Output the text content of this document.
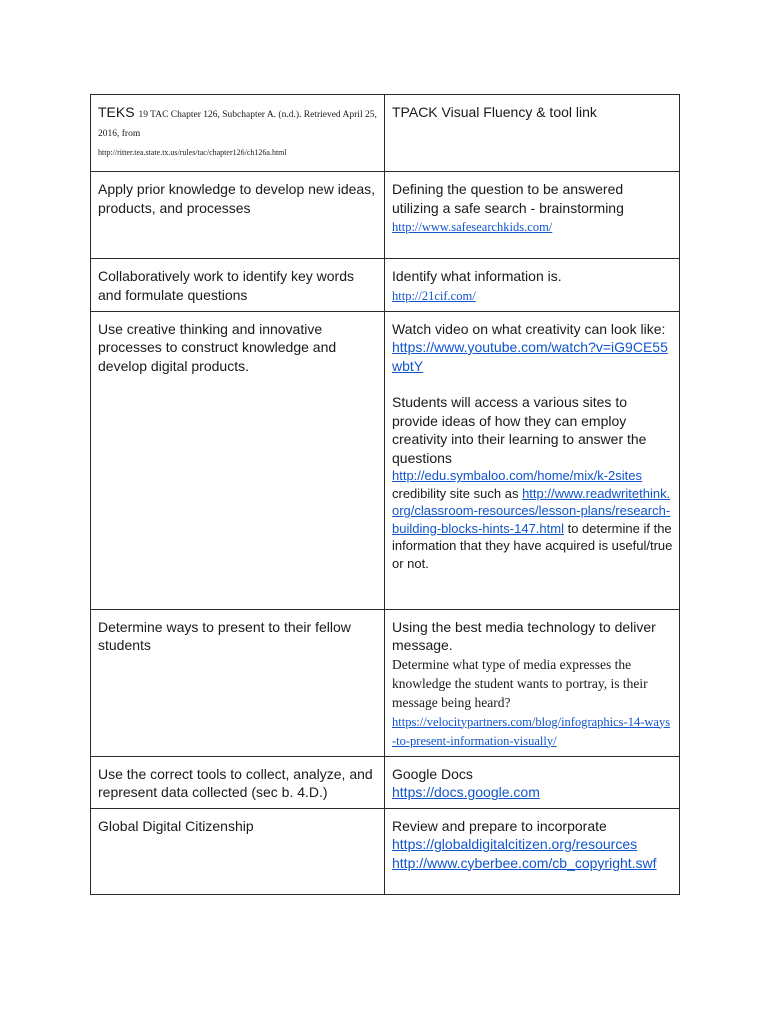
TEKS 19 TAC Chapter 126, Subchapter A. (n.d.). Retrieved April 25, 2016, from
http://ritter.tea.state.tx.us/rules/tac/chapter126/ch126a.html	TPACK Visual Fluency & tool link
Apply prior knowledge to develop new ideas, products, and processes	Defining the question to be answered utilizing a safe search - brainstorming
http://www.safesearchkids.com/
Collaboratively work to identify key words and formulate questions	Identify what information is.
http://21cif.com/
Use creative thinking and innovative processes to construct knowledge and develop digital products.	Watch video on what creativity can look like:
https://www.youtube.com/watch?v=iG9CE55wbtY
Students will access a various sites to provide ideas of how they can employ creativity into their learning to answer the questions
http://edu.symbaloo.com/home/mix/k-2sites credibility site such as http://www.readwritethink.org/classroom-resources/lesson-plans/research-building-blocks-hints-147.html to determine if the information that they have acquired is useful/true or not.

Determine ways to present to their fellow students	Using the best media technology to deliver message.
Determine what type of media expresses the knowledge the student wants to portray, is their message being heard?
https://velocitypartners.com/blog/infographics-14-ways-to-present-information-visually/
Use the correct tools to collect, analyze, and represent data collected (sec b. 4.D.)	Google Docs
https://docs.google.com
Global Digital Citizenship	Review and prepare to incorporate
https://globaldigitalcitizen.org/resources
http://www.cyberbee.com/cb_copyright.swf
